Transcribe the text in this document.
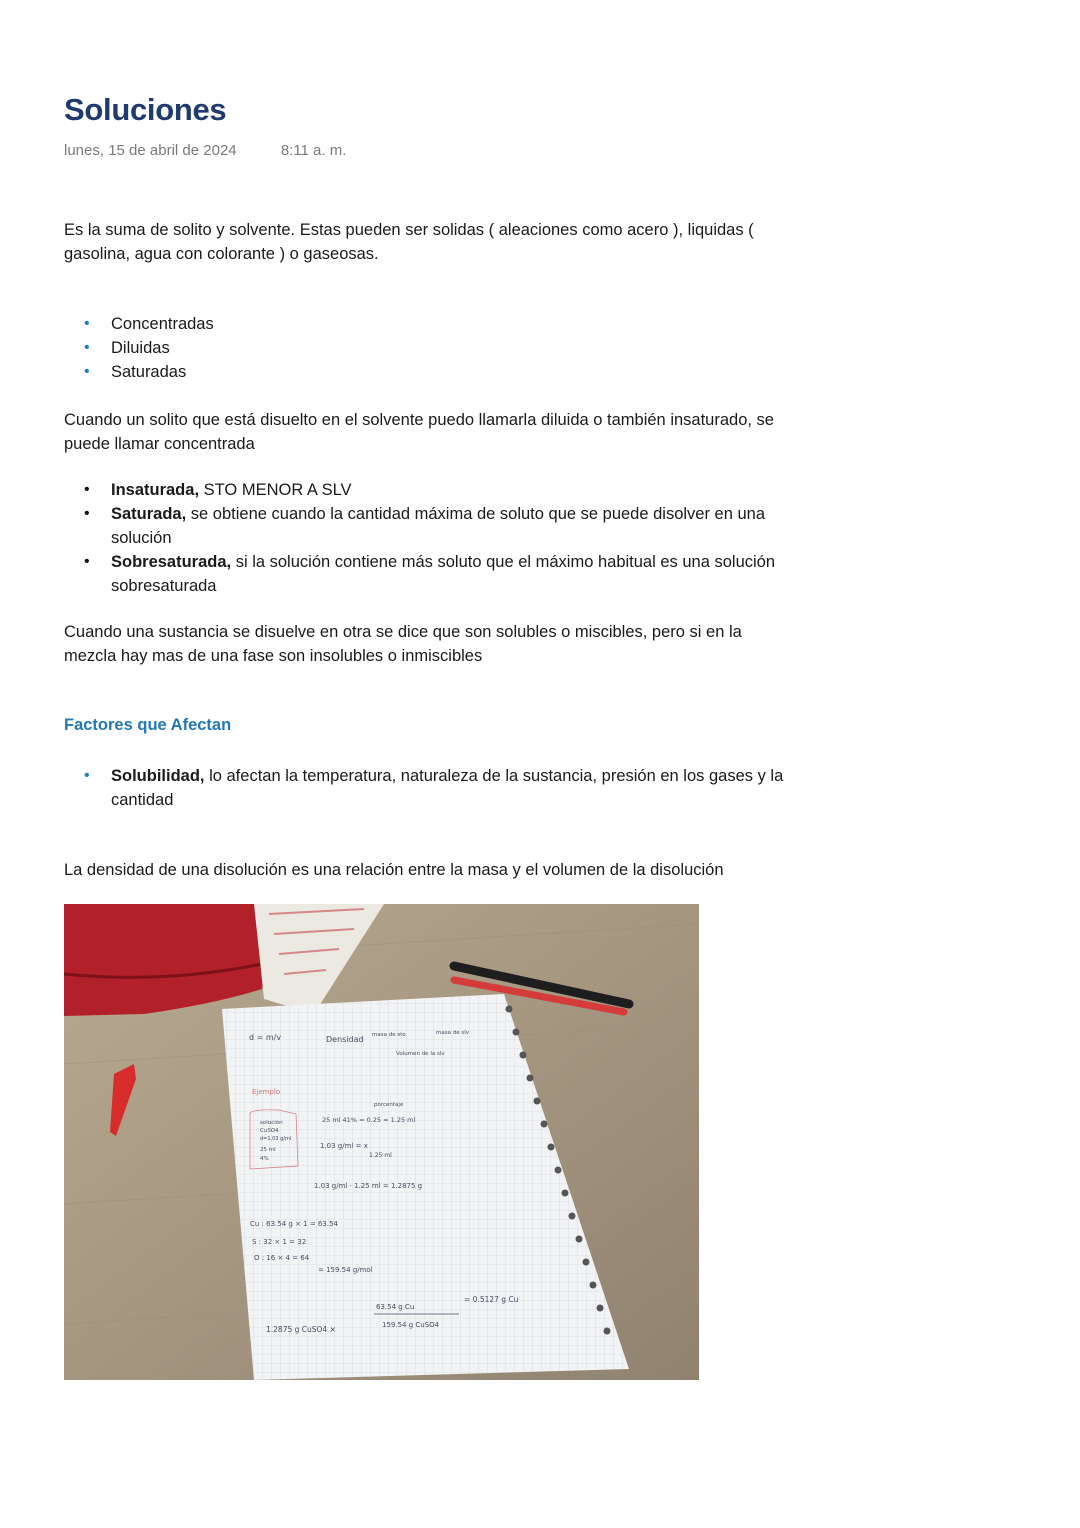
Soluciones
lunes, 15 de abril de 2024	8:11 a. m.

Es la suma de solito y solvente. Estas pueden ser solidas ( aleaciones como acero ), liquidas ( gasolina, agua con colorante ) o gaseosas.

• Concentradas
• Diluidas
• Saturadas

Cuando un solito que está disuelto en el solvente puedo llamarla diluida o también insaturado, se puede llamar concentrada

• Insaturada, STO MENOR A SLV
• Saturada, se obtiene cuando la cantidad máxima de soluto que se puede disolver en una solución
• Sobresaturada, si la solución contiene más soluto que el máximo habitual es una solución sobresaturada

Cuando una sustancia se disuelve en otra se dice que son solubles o miscibles, pero si en la mezcla hay mas de una fase son insolubles o inmiscibles

Factores que Afectan
• Solubilidad, lo afectan la temperatura, naturaleza de la sustancia, presión en los gases y la cantidad

La densidad de una disolución es una relación entre la masa y el volumen de la disolución

d = m/v	Densidad masa de sto	masa de slv
Volumen de la slv
Ejemplo
solución
CuSO4
d=1.03 g/ml
25 ml
4%
porcentaje
25 ml 41% = 0.25 = 1.25 ml
1.03 g/ml = x
1.25 ml
1.03 g/ml · 1.25 ml = 1.2875 g
Cu : 63.54 g × 1 = 63.54
S : 32 × 1 = 32
O : 16 × 4 = 64
= 159.54 g/mol
63.54 g Cu
159.54 g CuSO4
1.2875 g CuSO4 ×
= 0.5127 g Cu
